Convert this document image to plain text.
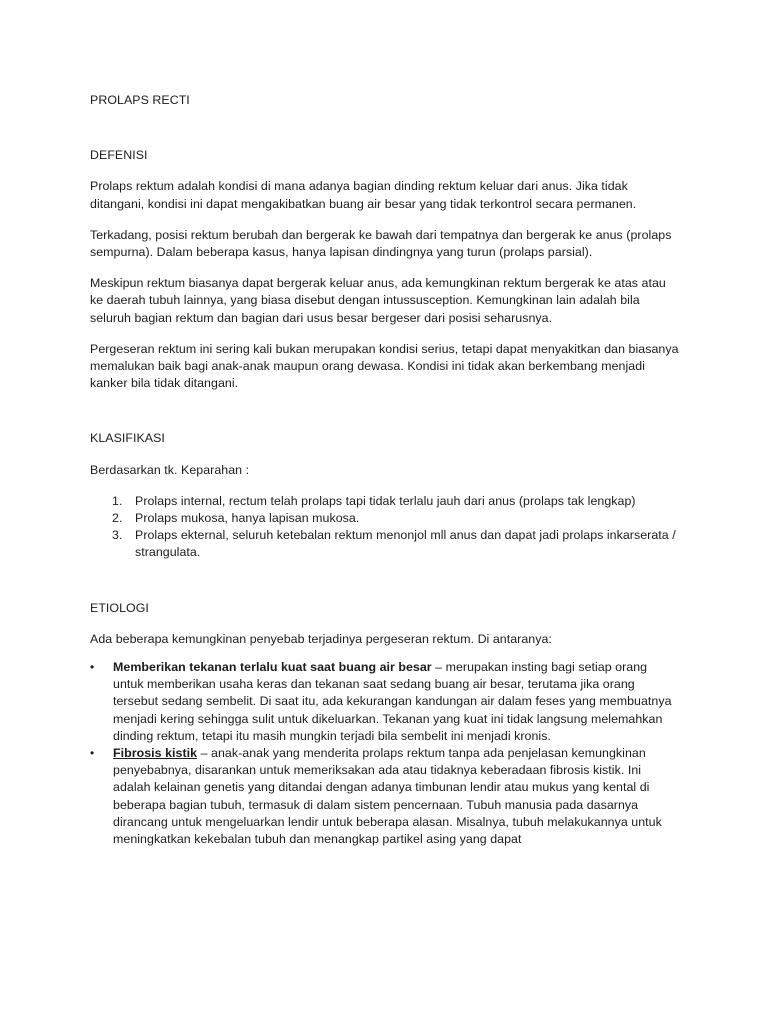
PROLAPS RECTI
DEFENISI

Prolaps rektum adalah kondisi di mana adanya bagian dinding rektum keluar dari anus. Jika tidak ditangani, kondisi ini dapat mengakibatkan buang air besar yang tidak terkontrol secara permanen.

Terkadang, posisi rektum berubah dan bergerak ke bawah dari tempatnya dan bergerak ke anus (prolaps sempurna). Dalam beberapa kasus, hanya lapisan dindingnya yang turun (prolaps parsial).

Meskipun rektum biasanya dapat bergerak keluar anus, ada kemungkinan rektum bergerak ke atas atau ke daerah tubuh lainnya, yang biasa disebut dengan intussusception. Kemungkinan lain adalah bila seluruh bagian rektum dan bagian dari usus besar bergeser dari posisi seharusnya.

Pergeseran rektum ini sering kali bukan merupakan kondisi serius, tetapi dapat menyakitkan dan biasanya memalukan baik bagi anak-anak maupun orang dewasa. Kondisi ini tidak akan berkembang menjadi kanker bila tidak ditangani.

KLASIFIKASI

Berdasarkan tk. Keparahan :

1. Prolaps internal, rectum telah prolaps tapi tidak terlalu jauh dari anus (prolaps tak lengkap)
2. Prolaps mukosa, hanya lapisan mukosa.
3. Prolaps ekternal, seluruh ketebalan rektum menonjol mll anus dan dapat jadi prolaps inkarserata / strangulata.
ETIOLOGI

Ada beberapa kemungkinan penyebab terjadinya pergeseran rektum. Di antaranya:

• Memberikan tekanan terlalu kuat saat buang air besar – merupakan insting bagi setiap orang untuk memberikan usaha keras dan tekanan saat sedang buang air besar, terutama jika orang tersebut sedang sembelit. Di saat itu, ada kekurangan kandungan air dalam feses yang membuatnya menjadi kering sehingga sulit untuk dikeluarkan. Tekanan yang kuat ini tidak langsung melemahkan dinding rektum, tetapi itu masih mungkin terjadi bila sembelit ini menjadi kronis.
• Fibrosis kistik – anak-anak yang menderita prolaps rektum tanpa ada penjelasan kemungkinan penyebabnya, disarankan untuk memeriksakan ada atau tidaknya keberadaan fibrosis kistik. Ini adalah kelainan genetis yang ditandai dengan adanya timbunan lendir atau mukus yang kental di beberapa bagian tubuh, termasuk di dalam sistem pencernaan. Tubuh manusia pada dasarnya dirancang untuk mengeluarkan lendir untuk beberapa alasan. Misalnya, tubuh melakukannya untuk meningkatkan kekebalan tubuh dan menangkap partikel asing yang dapat
